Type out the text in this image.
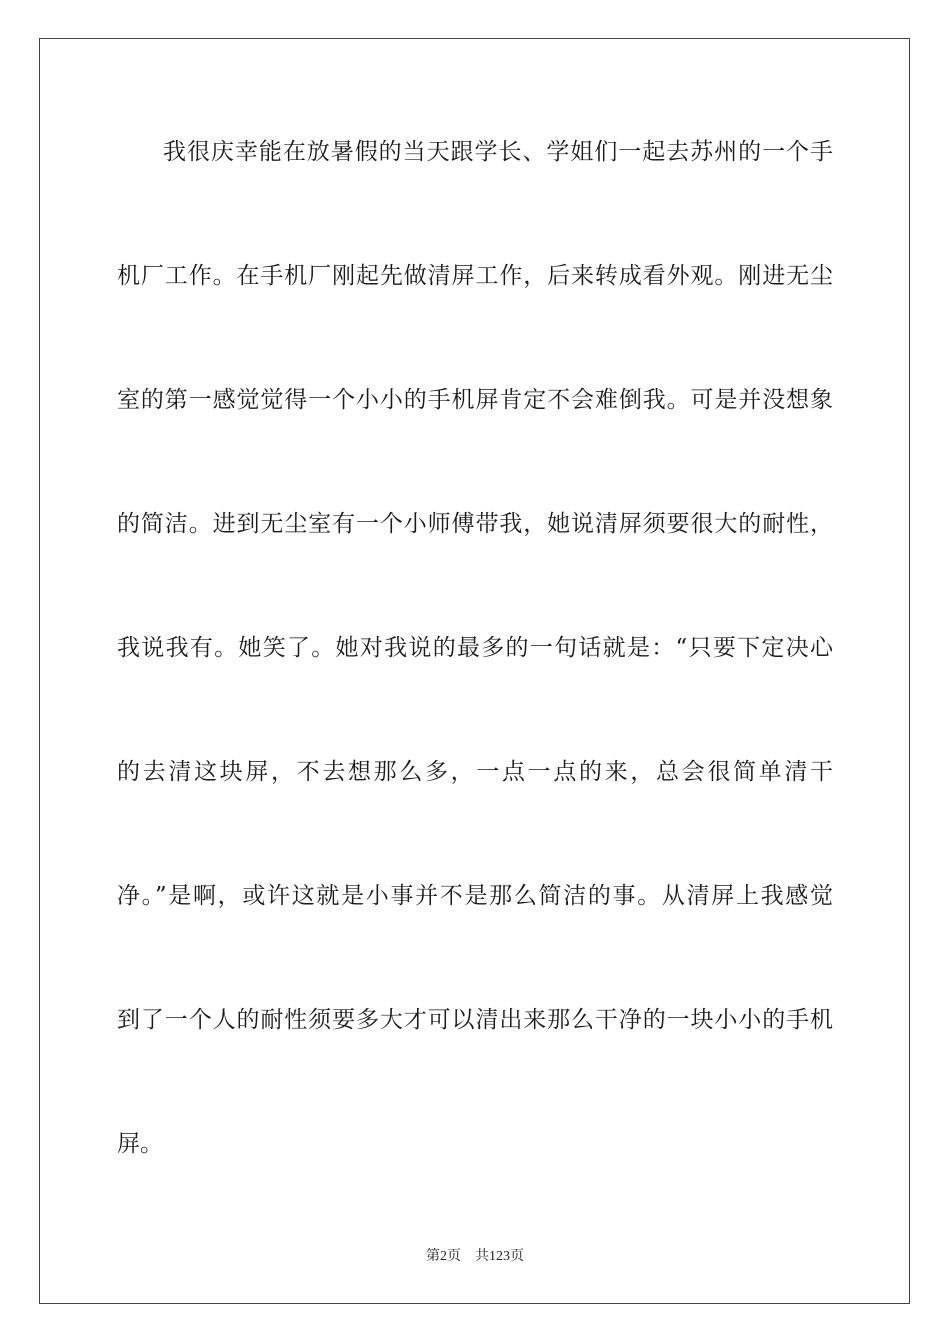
我很庆幸能在放暑假的当天跟学长、学姐们一起去苏州的一个手
机厂工作。在手机厂刚起先做清屏工作，后来转成看外观。刚进无尘
室的第一感觉觉得一个小小的手机屏肯定不会难倒我。可是并没想象
的简洁。进到无尘室有一个小师傅带我，她说清屏须要很大的耐性，
我说我有。她笑了。她对我说的最多的一句话就是：“只要下定决心
的去清这块屏，不去想那么多，一点一点的来，总会很简单清干
净。”是啊，或许这就是小事并不是那么简洁的事。从清屏上我感觉
到了一个人的耐性须要多大才可以清出来那么干净的一块小小的手机
屏。
第2页 共123页
